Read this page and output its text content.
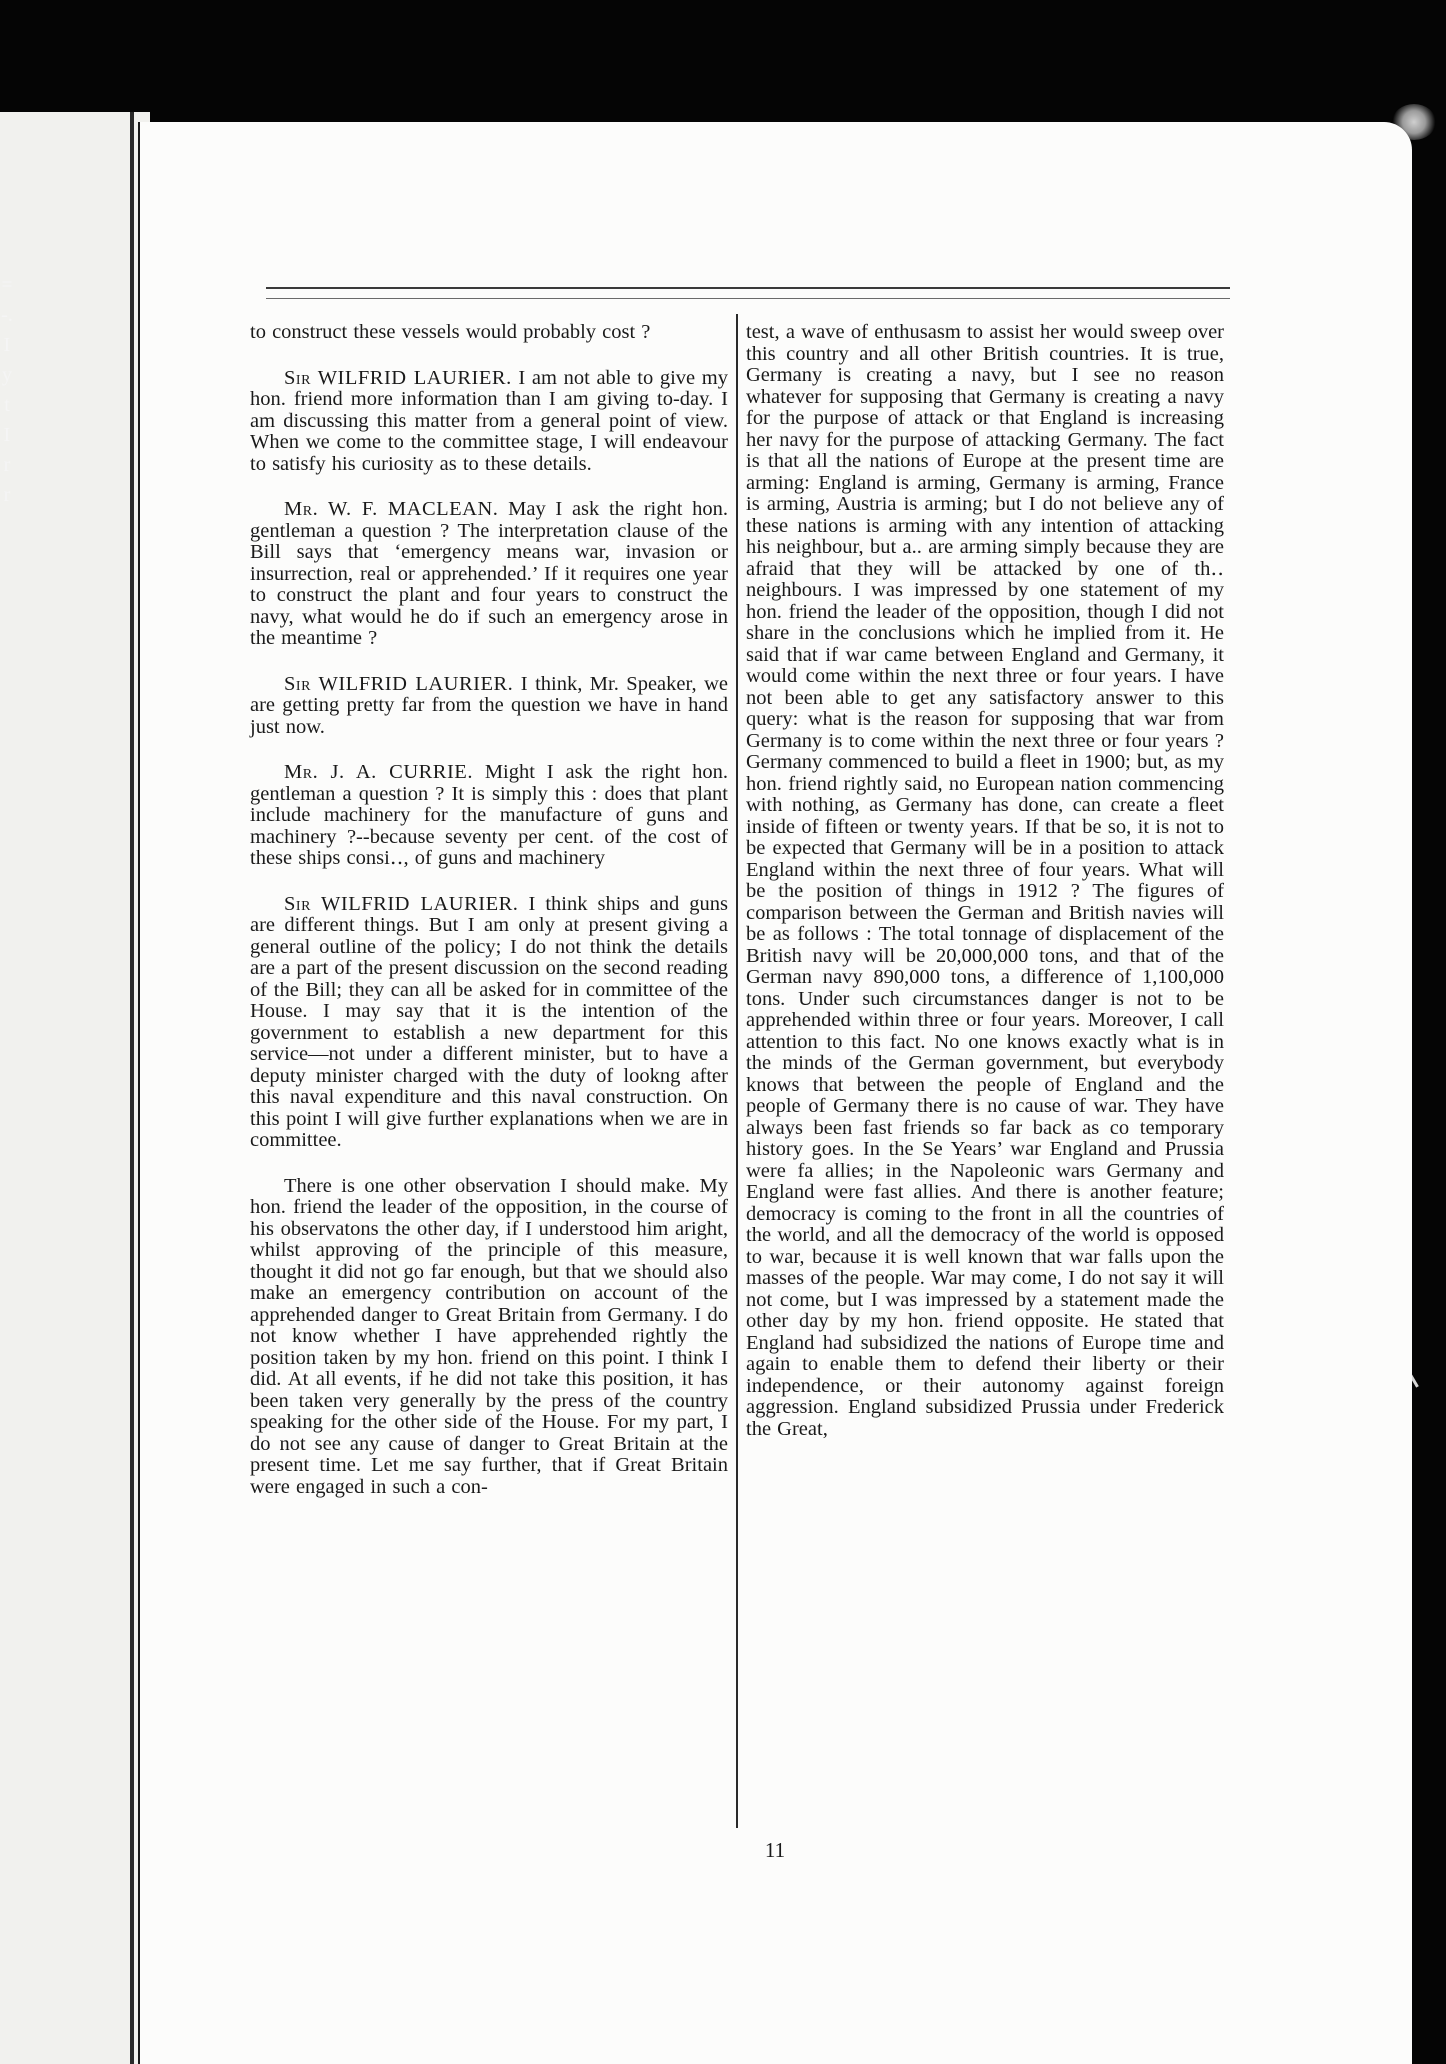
=
-.
I
y
t
I
r
r

to construct these vessels would probably cost ?

Sir WILFRID LAURIER. I am not able to give my hon. friend more information than I am giving to-day. I am discussing this matter from a general point of view. When we come to the committee stage, I will endeavour to satisfy his curiosity as to these details.

Mr. W. F. MACLEAN. May I ask the right hon. gentleman a question ? The interpretation clause of the Bill says that ‘emergency means war, invasion or insurrection, real or apprehended.’ If it requires one year to construct the plant and four years to construct the navy, what would he do if such an emergency arose in the meantime ?

Sir WILFRID LAURIER. I think, Mr. Speaker, we are getting pretty far from the question we have in hand just now.

Mr. J. A. CURRIE. Might I ask the right hon. gentleman a question ? It is simply this : does that plant include machinery for the manufacture of guns and machinery ?--because seventy per cent. of the cost of these ships consi‥, of guns and machinery

Sir WILFRID LAURIER. I think ships and guns are different things. But I am only at present giving a general outline of the policy; I do not think the details are a part of the present discussion on the second reading of the Bill; they can all be asked for in committee of the House. I may say that it is the intention of the government to establish a new department for this service—not under a different minister, but to have a deputy minister charged with the duty of lookng after this naval expenditure and this naval construction. On this point I will give further explanations when we are in committee.

There is one other observation I should make. My hon. friend the leader of the opposition, in the course of his observatons the other day, if I understood him aright, whilst approving of the principle of this measure, thought it did not go far enough, but that we should also make an emergency contribution on account of the apprehended danger to Great Britain from Germany. I do not know whether I have apprehended rightly the position taken by my hon. friend on this point. I think I did. At all events, if he did not take this position, it has been taken very generally by the press of the country speaking for the other side of the House. For my part, I do not see any cause of danger to Great Britain at the present time. Let me say further, that if Great Britain were engaged in such a con-

test, a wave of enthusasm to assist her would sweep over this country and all other British countries. It is true, Germany is creating a navy, but I see no reason whatever for supposing that Germany is creating a navy for the purpose of attack or that England is increasing her navy for the purpose of attacking Germany. The fact is that all the nations of Europe at the present time are arming: England is arming, Germany is arming, France is arming, Austria is arming; but I do not believe any of these nations is arming with any intention of attacking his neighbour, but a.. are arming simply because they are afraid that they will be attacked by one of th‥ neighbours. I was impressed by one statement of my hon. friend the leader of the opposition, though I did not share in the conclusions which he implied from it. He said that if war came between England and Germany, it would come within the next three or four years. I have not been able to get any satisfactory answer to this query: what is the reason for supposing that war from Germany is to come within the next three or four years ? Germany commenced to build a fleet in 1900; but, as my hon. friend rightly said, no European nation commencing with nothing, as Germany has done, can create a fleet inside of fifteen or twenty years. If that be so, it is not to be expected that Germany will be in a position to attack England within the next three of four years. What will be the position of things in 1912 ? The figures of comparison between the German and British navies will be as follows : The total tonnage of displacement of the British navy will be 20,000,000 tons, and that of the German navy 890,000 tons, a difference of 1,100,000 tons. Under such circumstances danger is not to be apprehended within three or four years. Moreover, I call attention to this fact. No one knows exactly what is in the minds of the German government, but everybody knows that between the people of England and the people of Germany there is no cause of war. They have always been fast friends so far back as co temporary history goes. In the Se Years’ war England and Prussia were fa allies; in the Napoleonic wars Germany and England were fast allies. And there is another feature; democracy is coming to the front in all the countries of the world, and all the democracy of the world is opposed to war, because it is well known that war falls upon the masses of the people. War may come, I do not say it will not come, but I was impressed by a statement made the other day by my hon. friend opposite. He stated that England had subsidized the nations of Europe time and again to enable them to defend their liberty or their independence, or their autonomy against foreign aggression. England subsidized Prussia under Frederick the Great,

11
